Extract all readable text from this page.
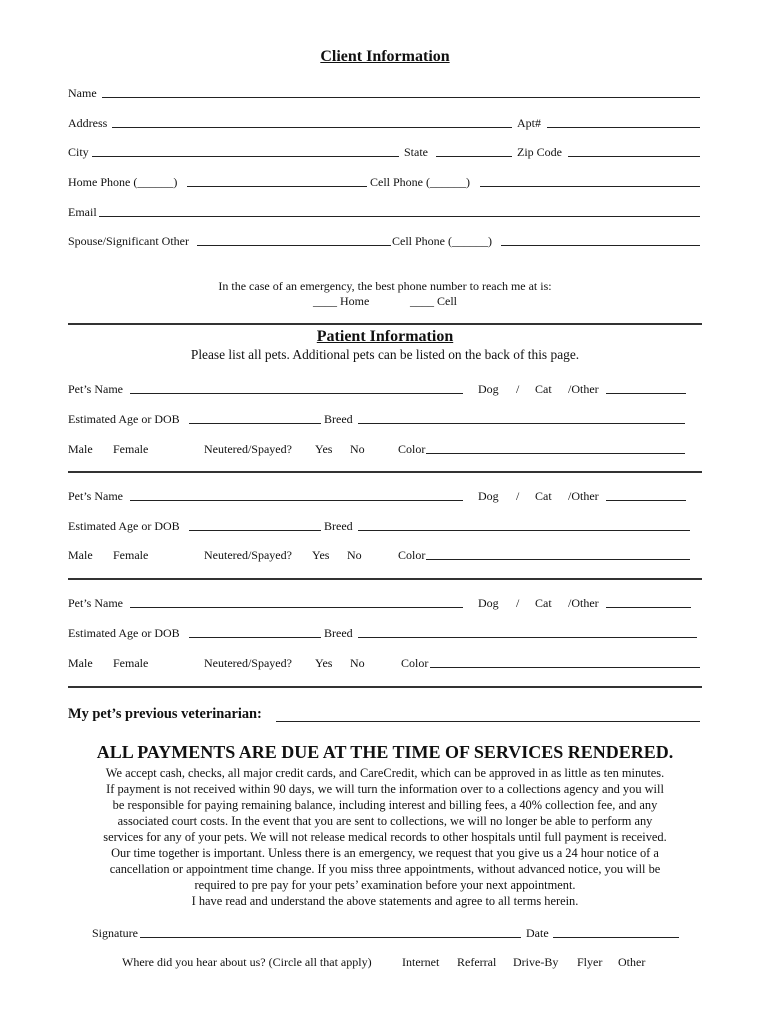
Client Information
Name
Address	Apt#
City	State	Zip Code
Home Phone (______)	Cell Phone (______)
Email
Spouse/Significant Other	Cell Phone (______)
In the case of an emergency, the best phone number to reach me at is:
____ Home	____ Cell
Patient Information
Please list all pets. Additional pets can be listed on the back of this page.
Pet’s Name	Dog / Cat /Other
Estimated Age or DOB	Breed
Male Female	Neutered/Spayed? Yes No	Color
Pet’s Name	Dog / Cat /Other
Estimated Age or DOB	Breed
Male Female	Neutered/Spayed? Yes No	Color
Pet’s Name	Dog / Cat /Other
Estimated Age or DOB	Breed
Male Female	Neutered/Spayed? Yes No	Color
My pet’s previous veterinarian:
ALL PAYMENTS ARE DUE AT THE TIME OF SERVICES RENDERED.
We accept cash, checks, all major credit cards, and CareCredit, which can be approved in as little as ten minutes.
If payment is not received within 90 days, we will turn the information over to a collections agency and you will
be responsible for paying remaining balance, including interest and billing fees, a 40% collection fee, and any
associated court costs. In the event that you are sent to collections, we will no longer be able to perform any
services for any of your pets. We will not release medical records to other hospitals until full payment is received.
Our time together is important. Unless there is an emergency, we request that you give us a 24 hour notice of a
cancellation or appointment time change. If you miss three appointments, without advanced notice, you will be
required to pre pay for your pets’ examination before your next appointment.
I have read and understand the above statements and agree to all terms herein.
Signature	Date
Where did you hear about us? (Circle all that apply)	Internet Referral Drive-By Flyer Other
